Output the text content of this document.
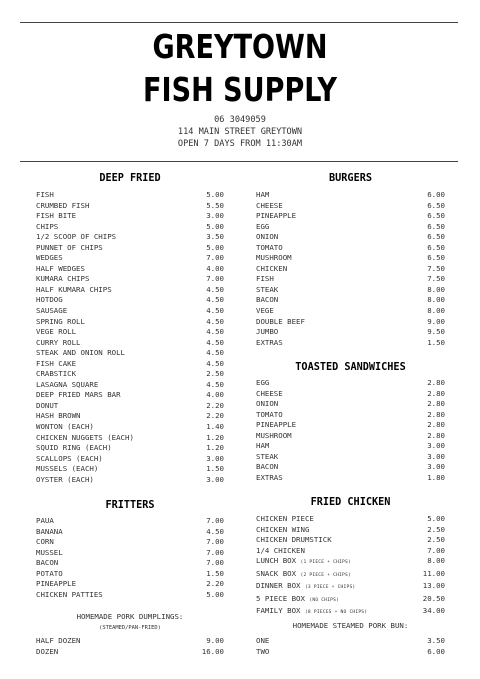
GREYTOWN
FISH SUPPLY
06 3049059
114 MAIN STREET GREYTOWN
OPEN 7 DAYS FROM 11:30AM
DEEP FRIED
FISH	5.00
CRUMBED FISH	5.50
FISH BITE	3.00
CHIPS	5.00
1/2 SCOOP OF CHIPS	3.50
PUNNET OF CHIPS	5.00
WEDGES	7.00
HALF WEDGES	4.00
KUMARA CHIPS	7.00
HALF KUMARA CHIPS	4.50
HOTDOG	4.50
SAUSAGE	4.50
SPRING ROLL	4.50
VEGE ROLL	4.50
CURRY ROLL	4.50
STEAK AND ONION ROLL	4.50
FISH CAKE	4.50
CRABSTICK	2.50
LASAGNA SQUARE	4.50
DEEP FRIED MARS BAR	4.00
DONUT	2.20
HASH BROWN	2.20
WONTON (EACH)	1.40
CHICKEN NUGGETS (EACH)	1.20
SQUID RING (EACH)	1.20
SCALLOPS (EACH)	3.00
MUSSELS (EACH)	1.50
OYSTER (EACH)	3.00
FRITTERS
PAUA	7.00
BANANA	4.50
CORN	7.00
MUSSEL	7.00
BACON	7.00
POTATO	1.50
PINEAPPLE	2.20
CHICKEN PATTIES	5.00
HOMEMADE PORK DUMPLINGS:
(STEAMED/PAN-FRIED)
HALF DOZEN	9.00
DOZEN	16.00
BURGERS
HAM	6.00
CHEESE	6.50
PINEAPPLE	6.50
EGG	6.50
ONION	6.50
TOMATO	6.50
MUSHROOM	6.50
CHICKEN	7.50
FISH	7.50
STEAK	8.00
BACON	8.00
VEGE	8.00
DOUBLE BEEF	9.00
JUMBO	9.50
EXTRAS	1.50
TOASTED SANDWICHES
EGG	2.80
CHEESE	2.80
ONION	2.80
TOMATO	2.80
PINEAPPLE	2.80
MUSHROOM	2.80
HAM	3.00
STEAK	3.00
BACON	3.00
EXTRAS	1.80
FRIED CHICKEN
CHICKEN PIECE	5.00
CHICKEN WING	2.50
CHICKEN DRUMSTICK	2.50
1/4 CHICKEN	7.00
LUNCH BOX (1 PIECE + CHIPS)	8.00
SNACK BOX (2 PIECE + CHIPS)	11.00
DINNER BOX (3 PIECE + CHIPS)	13.00
5 PIECE BOX (NO CHIPS)	20.50
FAMILY BOX (8 PIECES + NO CHIPS)	34.00
HOMEMADE STEAMED PORK BUN:
ONE	3.50
TWO	6.00
